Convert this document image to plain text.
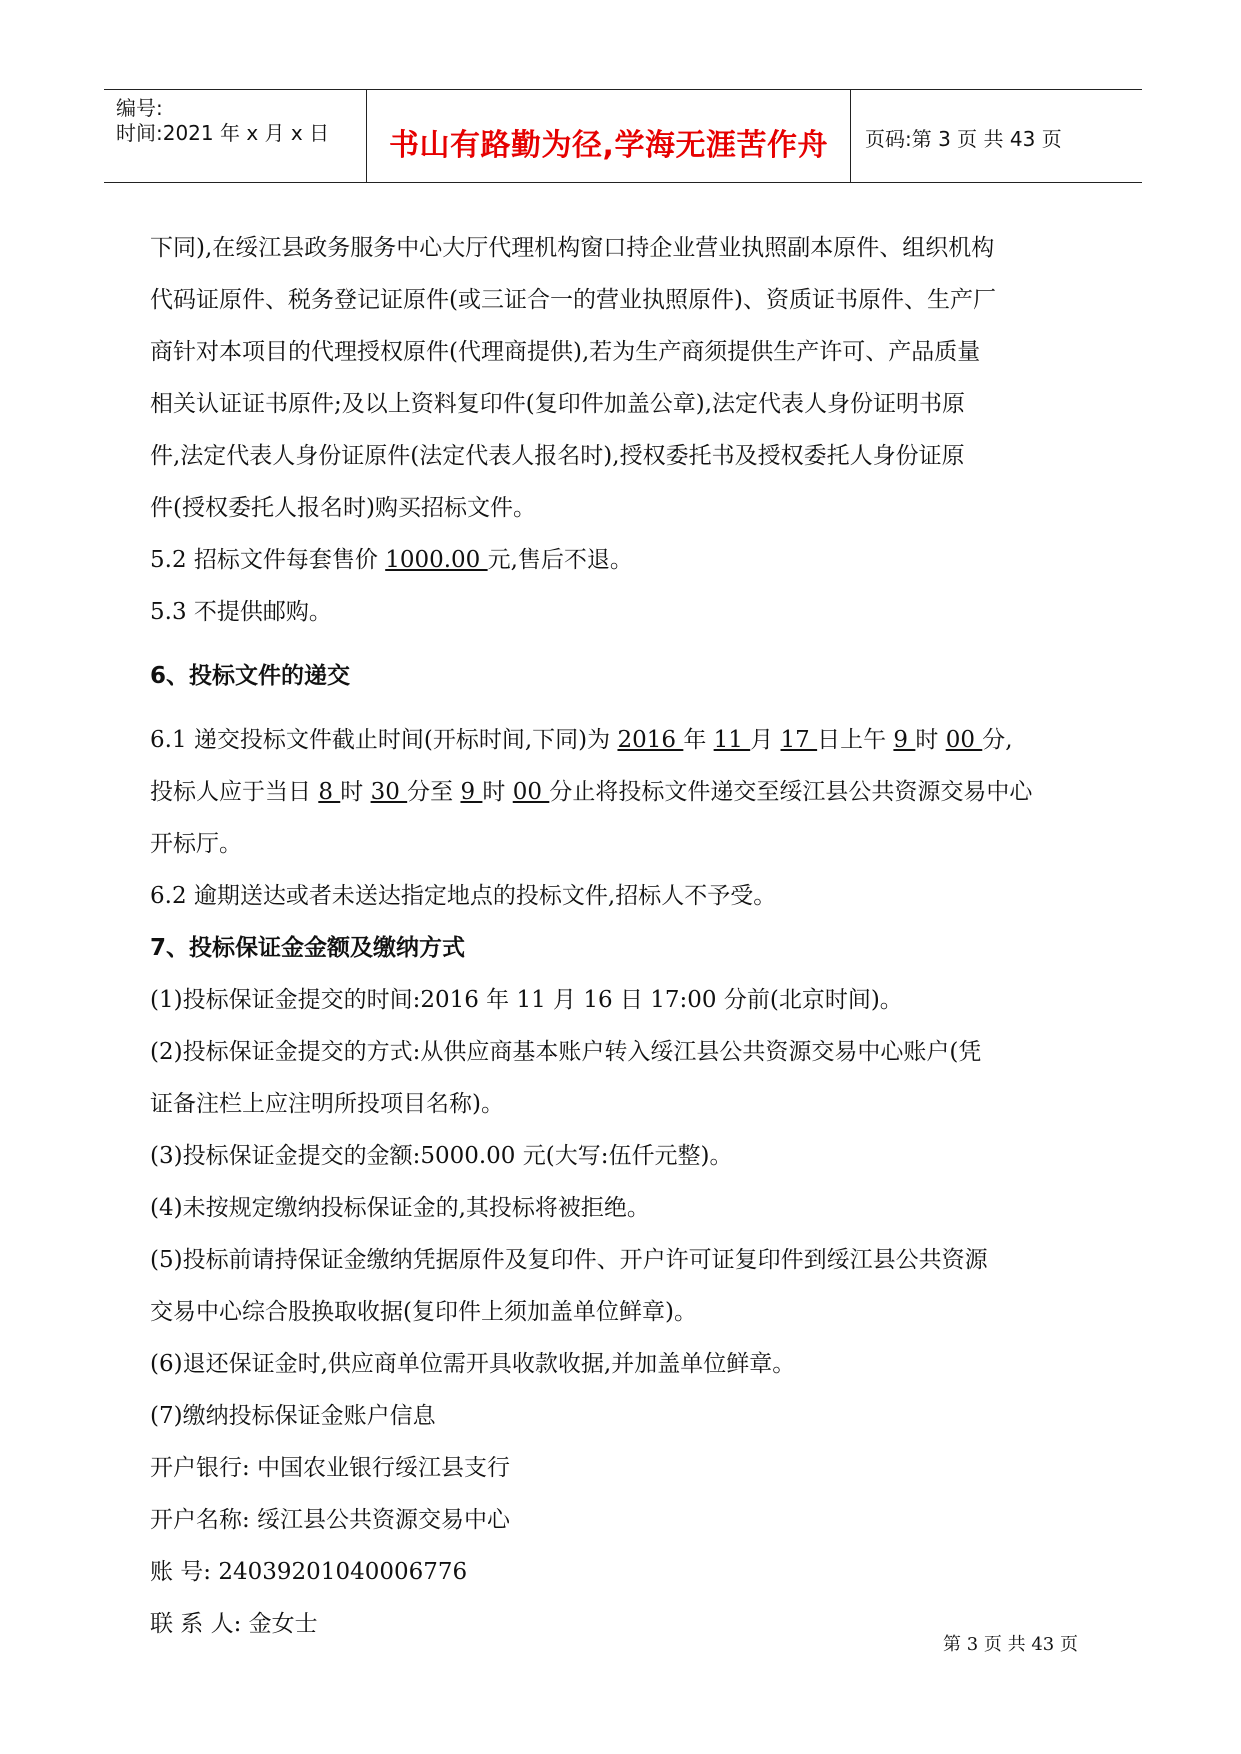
编号:
时间:2021 年 x 月 x 日	书山有路勤为径,学海无涯苦作舟	页码:第 3 页 共 43 页
下同),在绥江县政务服务中心大厅代理机构窗口持企业营业执照副本原件、组织机构
代码证原件、税务登记证原件(或三证合一的营业执照原件)、资质证书原件、生产厂
商针对本项目的代理授权原件(代理商提供),若为生产商须提供生产许可、产品质量
相关认证证书原件;及以上资料复印件(复印件加盖公章),法定代表人身份证明书原
件,法定代表人身份证原件(法定代表人报名时),授权委托书及授权委托人身份证原
件(授权委托人报名时)购买招标文件。
5.2 招标文件每套售价 1000.00 元,售后不退。
5.3 不提供邮购。
6、投标文件的递交
6.1 递交投标文件截止时间(开标时间,下同)为 2016 年 11 月 17 日上午 9 时 00 分,
投标人应于当日 8 时 30 分至 9 时 00 分止将投标文件递交至绥江县公共资源交易中心
开标厅。
6.2 逾期送达或者未送达指定地点的投标文件,招标人不予受。
7、投标保证金金额及缴纳方式
(1)投标保证金提交的时间:2016 年 11 月 16 日 17:00 分前(北京时间)。
(2)投标保证金提交的方式:从供应商基本账户转入绥江县公共资源交易中心账户(凭
证备注栏上应注明所投项目名称)。
(3)投标保证金提交的金额:5000.00 元(大写:伍仟元整)。
(4)未按规定缴纳投标保证金的,其投标将被拒绝。
(5)投标前请持保证金缴纳凭据原件及复印件、开户许可证复印件到绥江县公共资源
交易中心综合股换取收据(复印件上须加盖单位鲜章)。
(6)退还保证金时,供应商单位需开具收款收据,并加盖单位鲜章。
(7)缴纳投标保证金账户信息
开户银行: 中国农业银行绥江县支行
开户名称: 绥江县公共资源交易中心
账 号: 24039201040006776
联 系 人: 金女士
第 3 页 共 43 页
